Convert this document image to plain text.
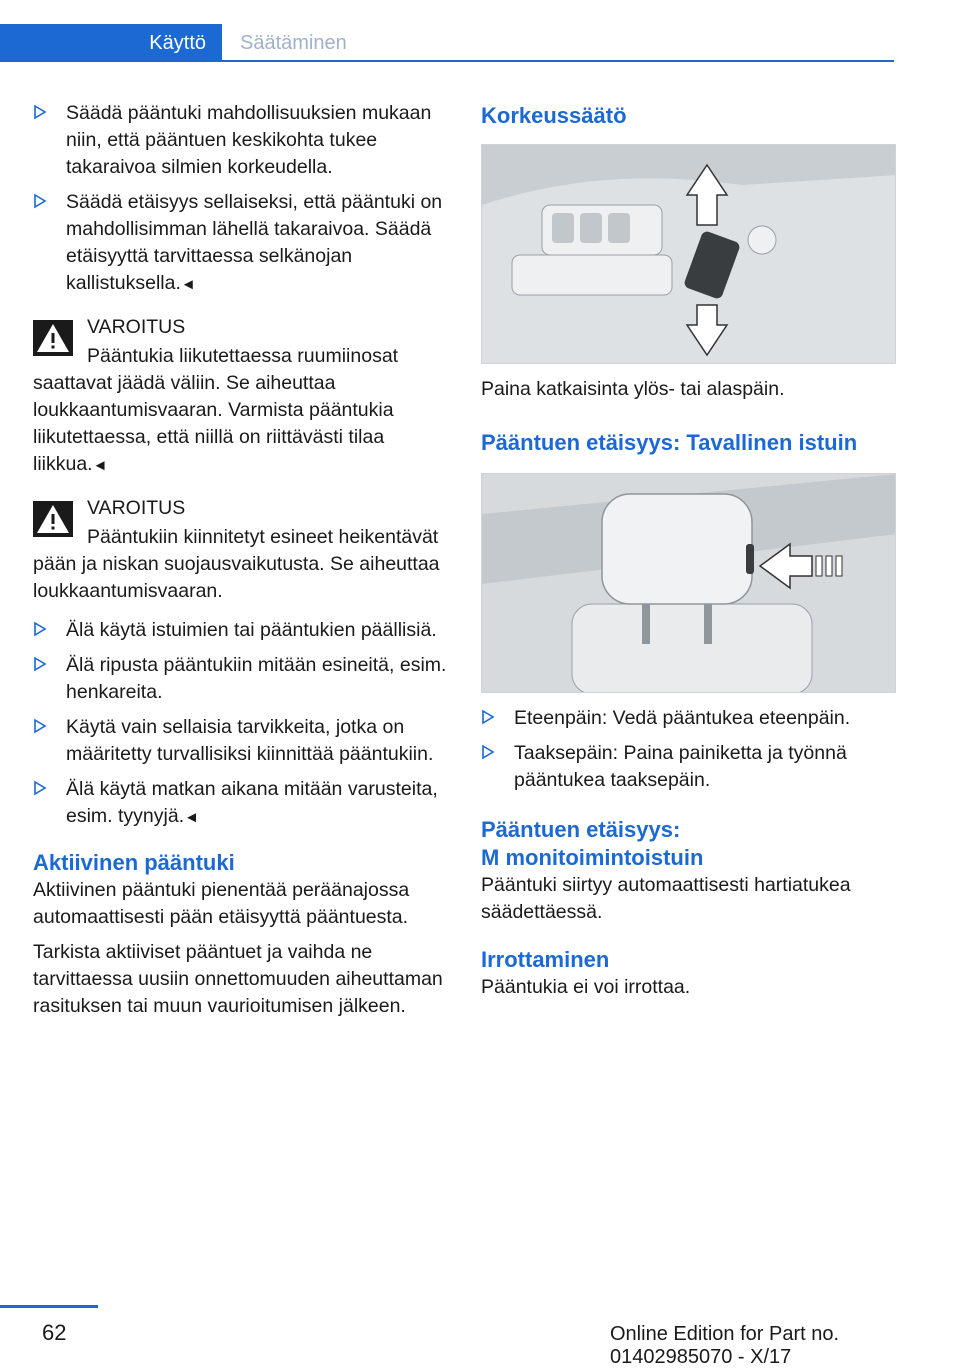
Käyttö	Säätäminen
Säädä pääntuki mahdollisuuksien mukaan niin, että pääntuen keskikohta tukee takaraivoa silmien korkeudella.
Säädä etäisyys sellaiseksi, että pääntuki on mahdollisimman lähellä takaraivoa. Säädä etäisyyttä tarvittaessa selkänojan kallistuksella.◄
VAROITUS
Pääntukia liikutettaessa ruumiinosat saattavat jäädä väliin. Se aiheuttaa loukkaantumisvaaran. Varmista pääntukia liikutettaessa, että niillä on riittävästi tilaa liikkua.◄
VAROITUS
Pääntukiin kiinnitetyt esineet heikentävät pään ja niskan suojausvaikutusta. Se aiheuttaa loukkaantumisvaaran.
Älä käytä istuimien tai pääntukien päällisiä.
Älä ripusta pääntukiin mitään esineitä, esim. henkareita.
Käytä vain sellaisia tarvikkeita, jotka on määritetty turvallisiksi kiinnittää pääntukiin.
Älä käytä matkan aikana mitään varusteita, esim. tyynyjä.◄
Aktiivinen pääntuki

Aktiivinen pääntuki pienentää peräänajossa automaattisesti pään etäisyyttä pääntuesta.

Tarkista aktiiviset pääntuet ja vaihda ne tarvittaessa uusiin onnettomuuden aiheuttaman rasituksen tai muun vaurioitumisen jälkeen.

Korkeussäätö

Paina katkaisinta ylös- tai alaspäin.

Pääntuen etäisyys: Tavallinen istuin
Eteenpäin: Vedä pääntukea eteenpäin.
Taaksepäin: Paina painiketta ja työnnä pääntukea taaksepäin.
Pääntuen etäisyys:
M monitoimintoistuin

Pääntuki siirtyy automaattisesti hartiatukea säädettäessä.

Irrottaminen

Pääntukia ei voi irrottaa.

62	Online Edition for Part no. 01402985070 - X/17
